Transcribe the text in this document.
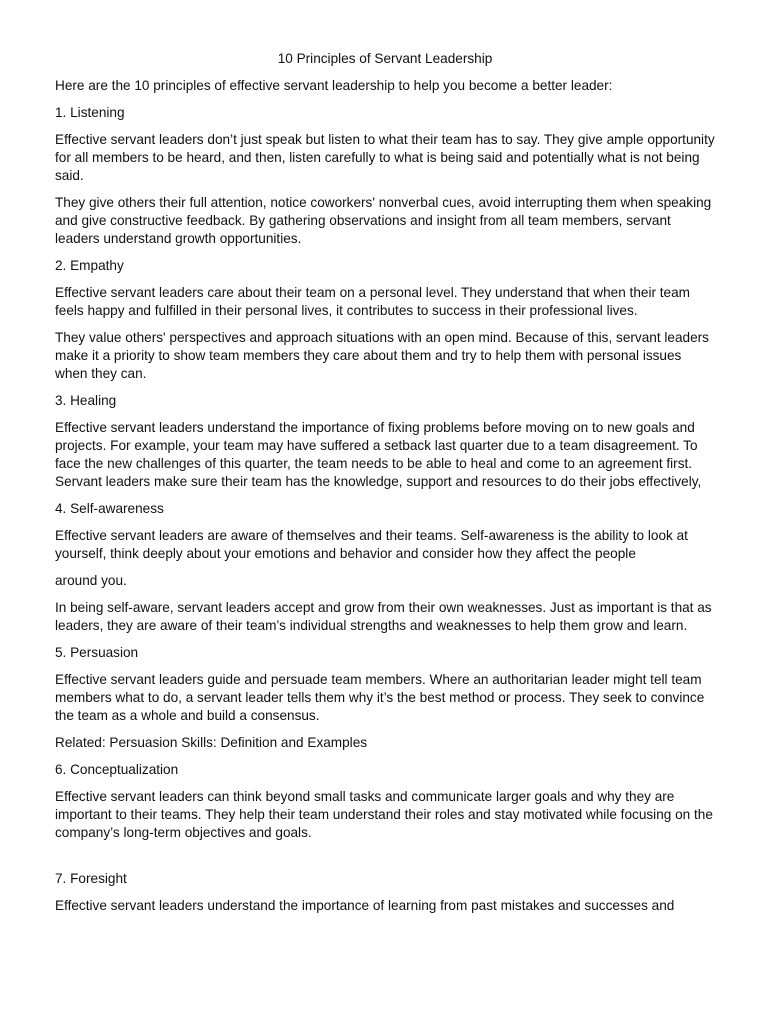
10 Principles of Servant Leadership

Here are the 10 principles of effective servant leadership to help you become a better leader:

1. Listening

Effective servant leaders don’t just speak but listen to what their team has to say. They give ample opportunity for all members to be heard, and then, listen carefully to what is being said and potentially what is not being said.

They give others their full attention, notice coworkers' nonverbal cues, avoid interrupting them when speaking and give constructive feedback. By gathering observations and insight from all team members, servant leaders understand growth opportunities.

2. Empathy

Effective servant leaders care about their team on a personal level. They understand that when their team feels happy and fulfilled in their personal lives, it contributes to success in their professional lives.

They value others' perspectives and approach situations with an open mind. Because of this, servant leaders make it a priority to show team members they care about them and try to help them with personal issues when they can.

3. Healing

Effective servant leaders understand the importance of fixing problems before moving on to new goals and projects. For example, your team may have suffered a setback last quarter due to a team disagreement. To face the new challenges of this quarter, the team needs to be able to heal and come to an agreement first. Servant leaders make sure their team has the knowledge, support and resources to do their jobs effectively,

4. Self-awareness

Effective servant leaders are aware of themselves and their teams. Self-awareness is the ability to look at yourself, think deeply about your emotions and behavior and consider how they affect the people

around you.

In being self-aware, servant leaders accept and grow from their own weaknesses. Just as important is that as leaders, they are aware of their team’s individual strengths and weaknesses to help them grow and learn.

5. Persuasion

Effective servant leaders guide and persuade team members. Where an authoritarian leader might tell team members what to do, a servant leader tells them why it’s the best method or process. They seek to convince the team as a whole and build a consensus.

Related: Persuasion Skills: Definition and Examples

6. Conceptualization

Effective servant leaders can think beyond small tasks and communicate larger goals and why they are important to their teams. They help their team understand their roles and stay motivated while focusing on the company’s long-term objectives and goals.

7. Foresight

Effective servant leaders understand the importance of learning from past mistakes and successes and
